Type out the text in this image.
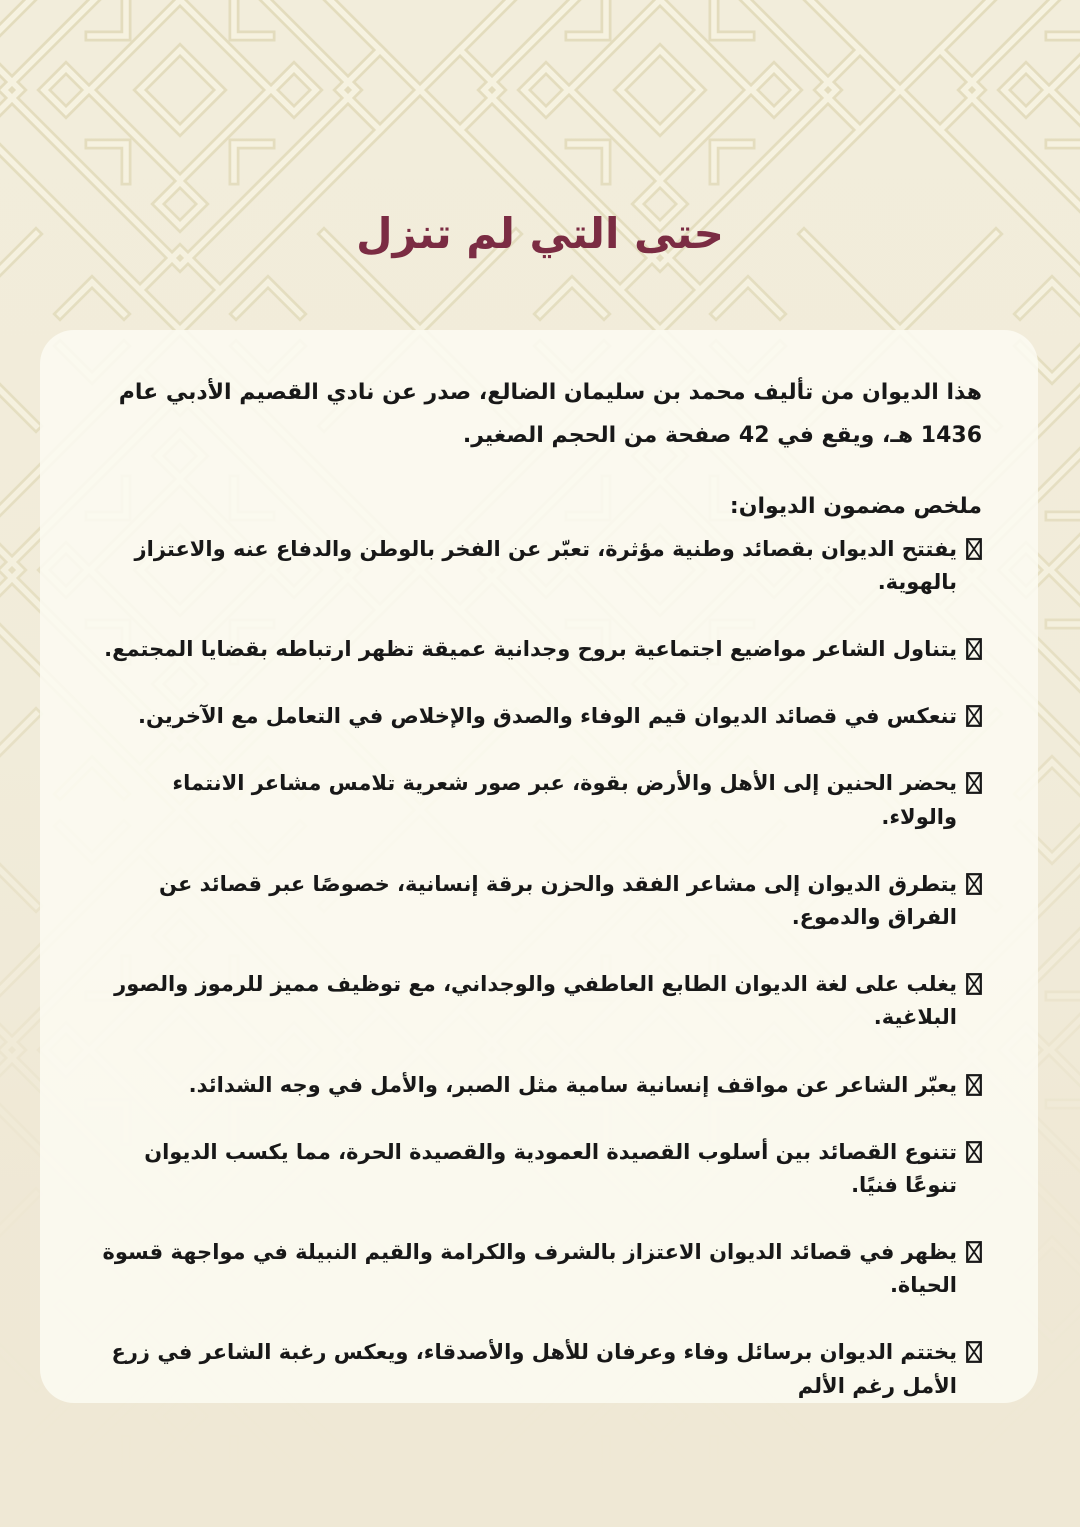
حتى التي لم تنزل

هذا الديوان من تأليف محمد بن سليمان الضالع، صدر عن نادي القصيم الأدبي عام 1436 هـ، ويقع في 42 صفحة من الحجم الصغير.

ملخص مضمون الديوان:

يفتتح الديوان بقصائد وطنية مؤثرة، تعبّر عن الفخر بالوطن والدفاع عنه والاعتزاز بالهوية.
يتناول الشاعر مواضيع اجتماعية بروح وجدانية عميقة تظهر ارتباطه بقضايا المجتمع.
تنعكس في قصائد الديوان قيم الوفاء والصدق والإخلاص في التعامل مع الآخرين.
يحضر الحنين إلى الأهل والأرض بقوة، عبر صور شعرية تلامس مشاعر الانتماء والولاء.
يتطرق الديوان إلى مشاعر الفقد والحزن برقة إنسانية، خصوصًا عبر قصائد عن الفراق والدموع.
يغلب على لغة الديوان الطابع العاطفي والوجداني، مع توظيف مميز للرموز والصور البلاغية.
يعبّر الشاعر عن مواقف إنسانية سامية مثل الصبر، والأمل في وجه الشدائد.
تتنوع القصائد بين أسلوب القصيدة العمودية والقصيدة الحرة، مما يكسب الديوان تنوعًا فنيًا.
يظهر في قصائد الديوان الاعتزاز بالشرف والكرامة والقيم النبيلة في مواجهة قسوة الحياة.
يختتم الديوان برسائل وفاء وعرفان للأهل والأصدقاء، ويعكس رغبة الشاعر في زرع الأمل رغم الألم
